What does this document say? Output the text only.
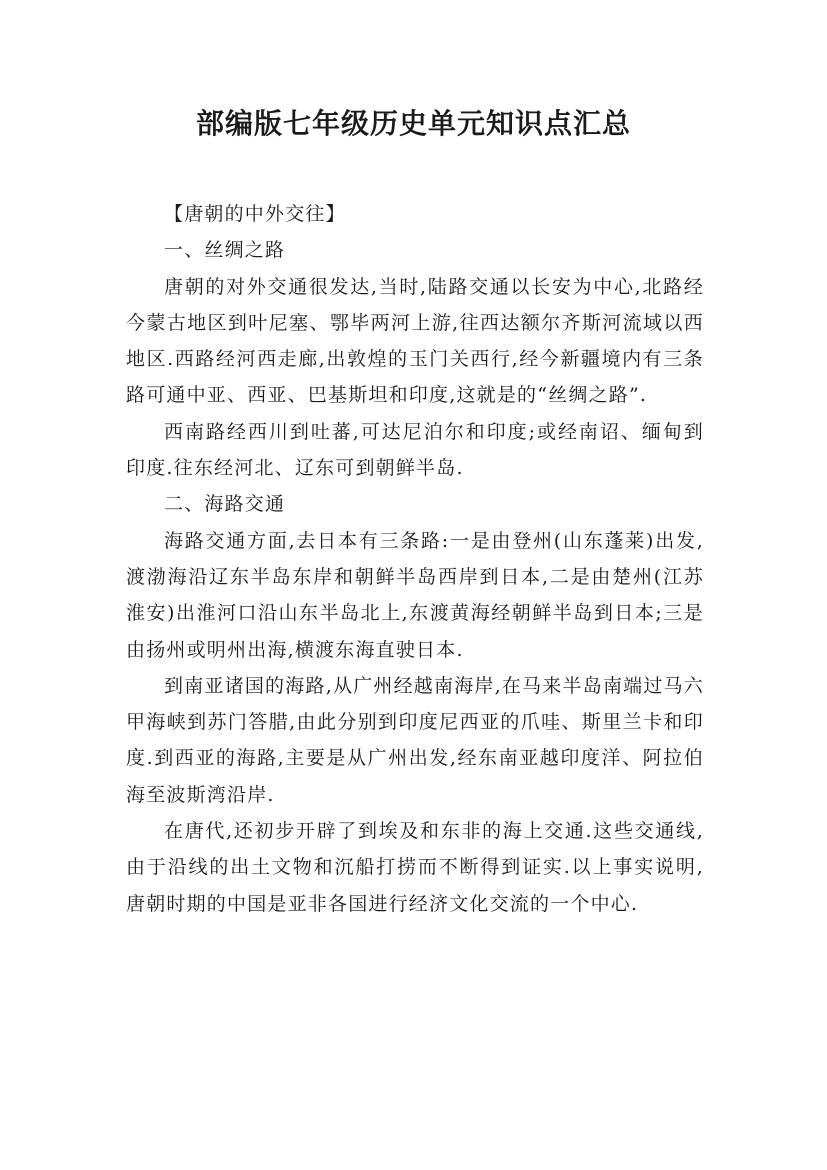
部编版七年级历史单元知识点汇总

【唐朝的中外交往】

一、丝绸之路

唐朝的对外交通很发达,当时,陆路交通以长安为中心,北路经今蒙古地区到叶尼塞、鄂毕两河上游,往西达额尔齐斯河流域以西地区.西路经河西走廊,出敦煌的玉门关西行,经今新疆境内有三条路可通中亚、西亚、巴基斯坦和印度,这就是的“丝绸之路”.

西南路经西川到吐蕃,可达尼泊尔和印度;或经南诏、缅甸到印度.往东经河北、辽东可到朝鲜半岛.

二、海路交通

海路交通方面,去日本有三条路:一是由登州(山东蓬莱)出发,渡渤海沿辽东半岛东岸和朝鲜半岛西岸到日本,二是由楚州(江苏淮安)出淮河口沿山东半岛北上,东渡黄海经朝鲜半岛到日本;三是由扬州或明州出海,横渡东海直驶日本.

到南亚诸国的海路,从广州经越南海岸,在马来半岛南端过马六甲海峡到苏门答腊,由此分别到印度尼西亚的爪哇、斯里兰卡和印度.到西亚的海路,主要是从广州出发,经东南亚越印度洋、阿拉伯海至波斯湾沿岸.

在唐代,还初步开辟了到埃及和东非的海上交通.这些交通线,由于沿线的出土文物和沉船打捞而不断得到证实.以上事实说明,唐朝时期的中国是亚非各国进行经济文化交流的一个中心.
